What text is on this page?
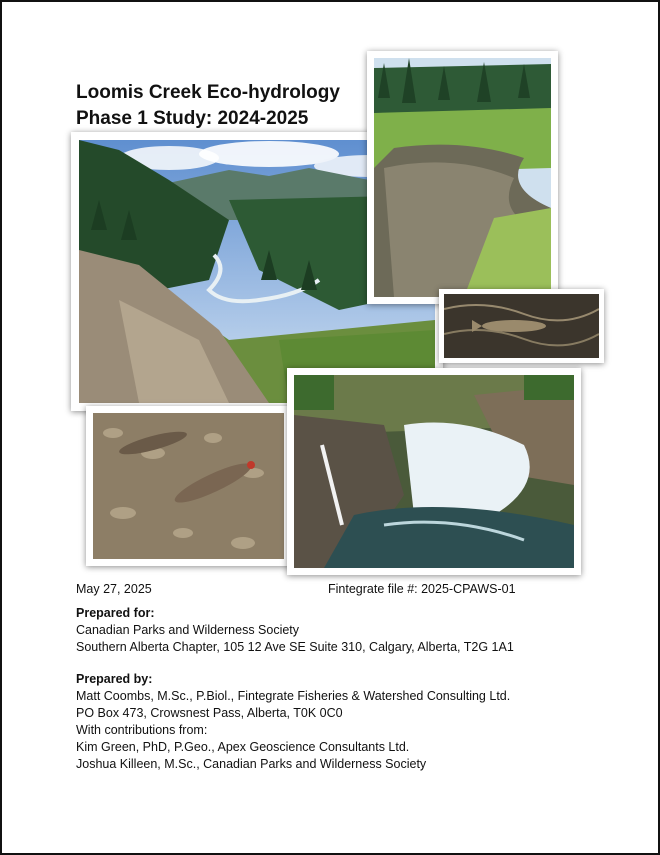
Loomis Creek Eco-hydrology
Phase 1 Study: 2024-2025
May 27, 2025	Fintegrate file #: 2025-CPAWS-01
Prepared for:
Canadian Parks and Wilderness Society
Southern Alberta Chapter, 105 12 Ave SE Suite 310, Calgary, Alberta, T2G 1A1
Prepared by:
Matt Coombs, M.Sc., P.Biol., Fintegrate Fisheries & Watershed Consulting Ltd.
PO Box 473, Crowsnest Pass, Alberta, T0K 0C0
With contributions from:
Kim Green, PhD, P.Geo., Apex Geoscience Consultants Ltd.
Joshua Killeen, M.Sc., Canadian Parks and Wilderness Society
